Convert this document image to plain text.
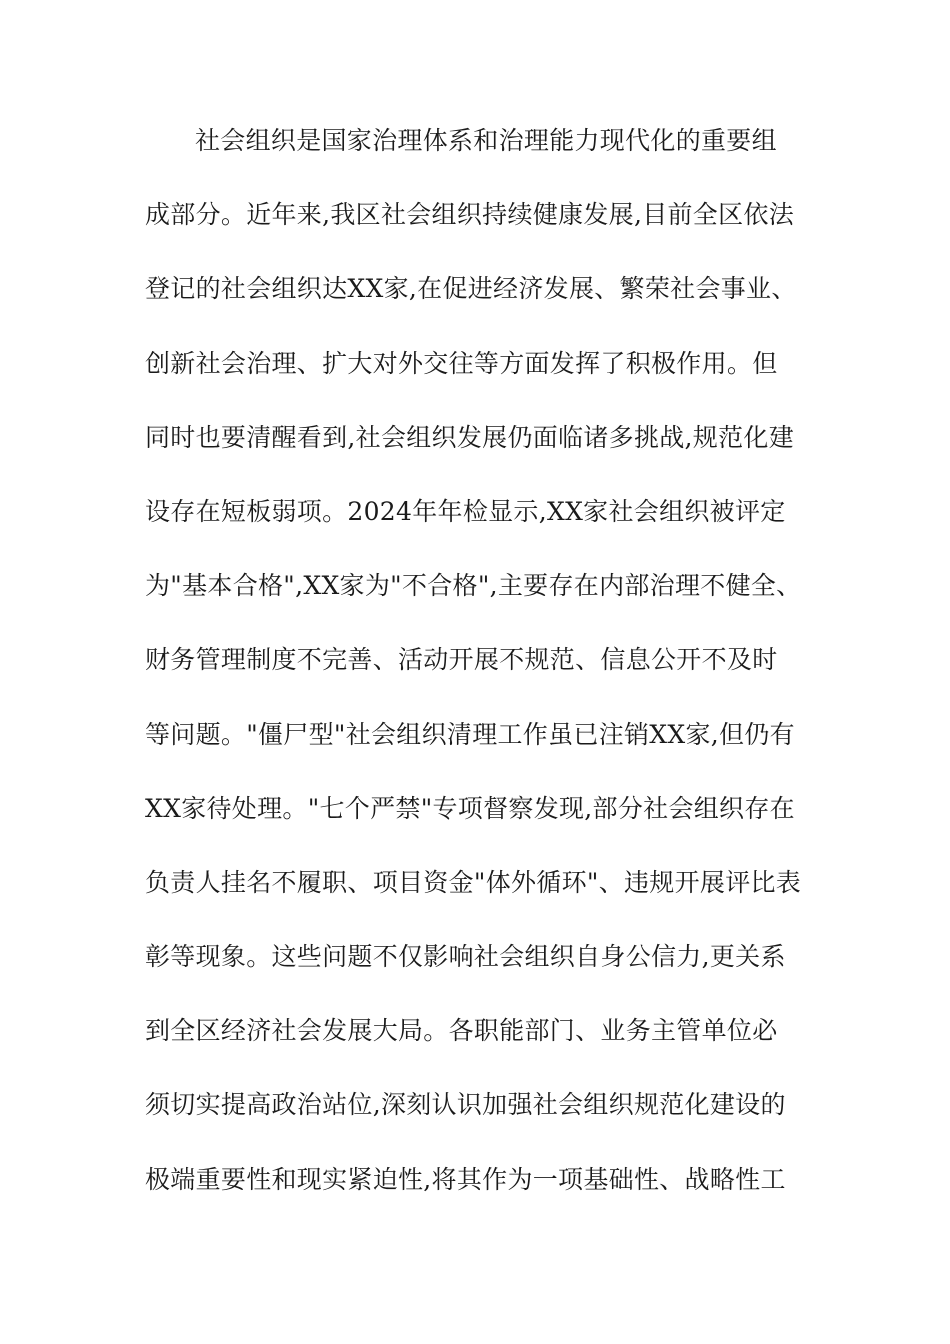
社会组织是国家治理体系和治理能力现代化的重要组
成部分。近年来,我区社会组织持续健康发展,目前全区依法
登记的社会组织达XX家,在促进经济发展、繁荣社会事业、
创新社会治理、扩大对外交往等方面发挥了积极作用。但
同时也要清醒看到,社会组织发展仍面临诸多挑战,规范化建
设存在短板弱项。2024年年检显示,XX家社会组织被评定
为"基本合格",XX家为"不合格",主要存在内部治理不健全、
财务管理制度不完善、活动开展不规范、信息公开不及时
等问题。"僵尸型"社会组织清理工作虽已注销XX家,但仍有
XX家待处理。"七个严禁"专项督察发现,部分社会组织存在
负责人挂名不履职、项目资金"体外循环"、违规开展评比表
彰等现象。这些问题不仅影响社会组织自身公信力,更关系
到全区经济社会发展大局。各职能部门、业务主管单位必
须切实提高政治站位,深刻认识加强社会组织规范化建设的
极端重要性和现实紧迫性,将其作为一项基础性、战略性工
